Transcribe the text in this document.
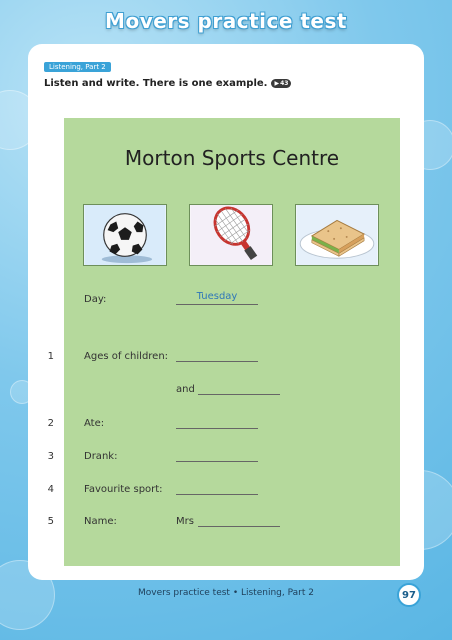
Movers practice test
Listening, Part 2
Listen and write. There is one example. ▶ 43
Morton Sports Centre
Day:	Tuesday
1	Ages of children:
and
2	Ate:
3	Drank:
4	Favourite sport:
5	Name:	Mrs
Movers practice test • Listening, Part 2	97
